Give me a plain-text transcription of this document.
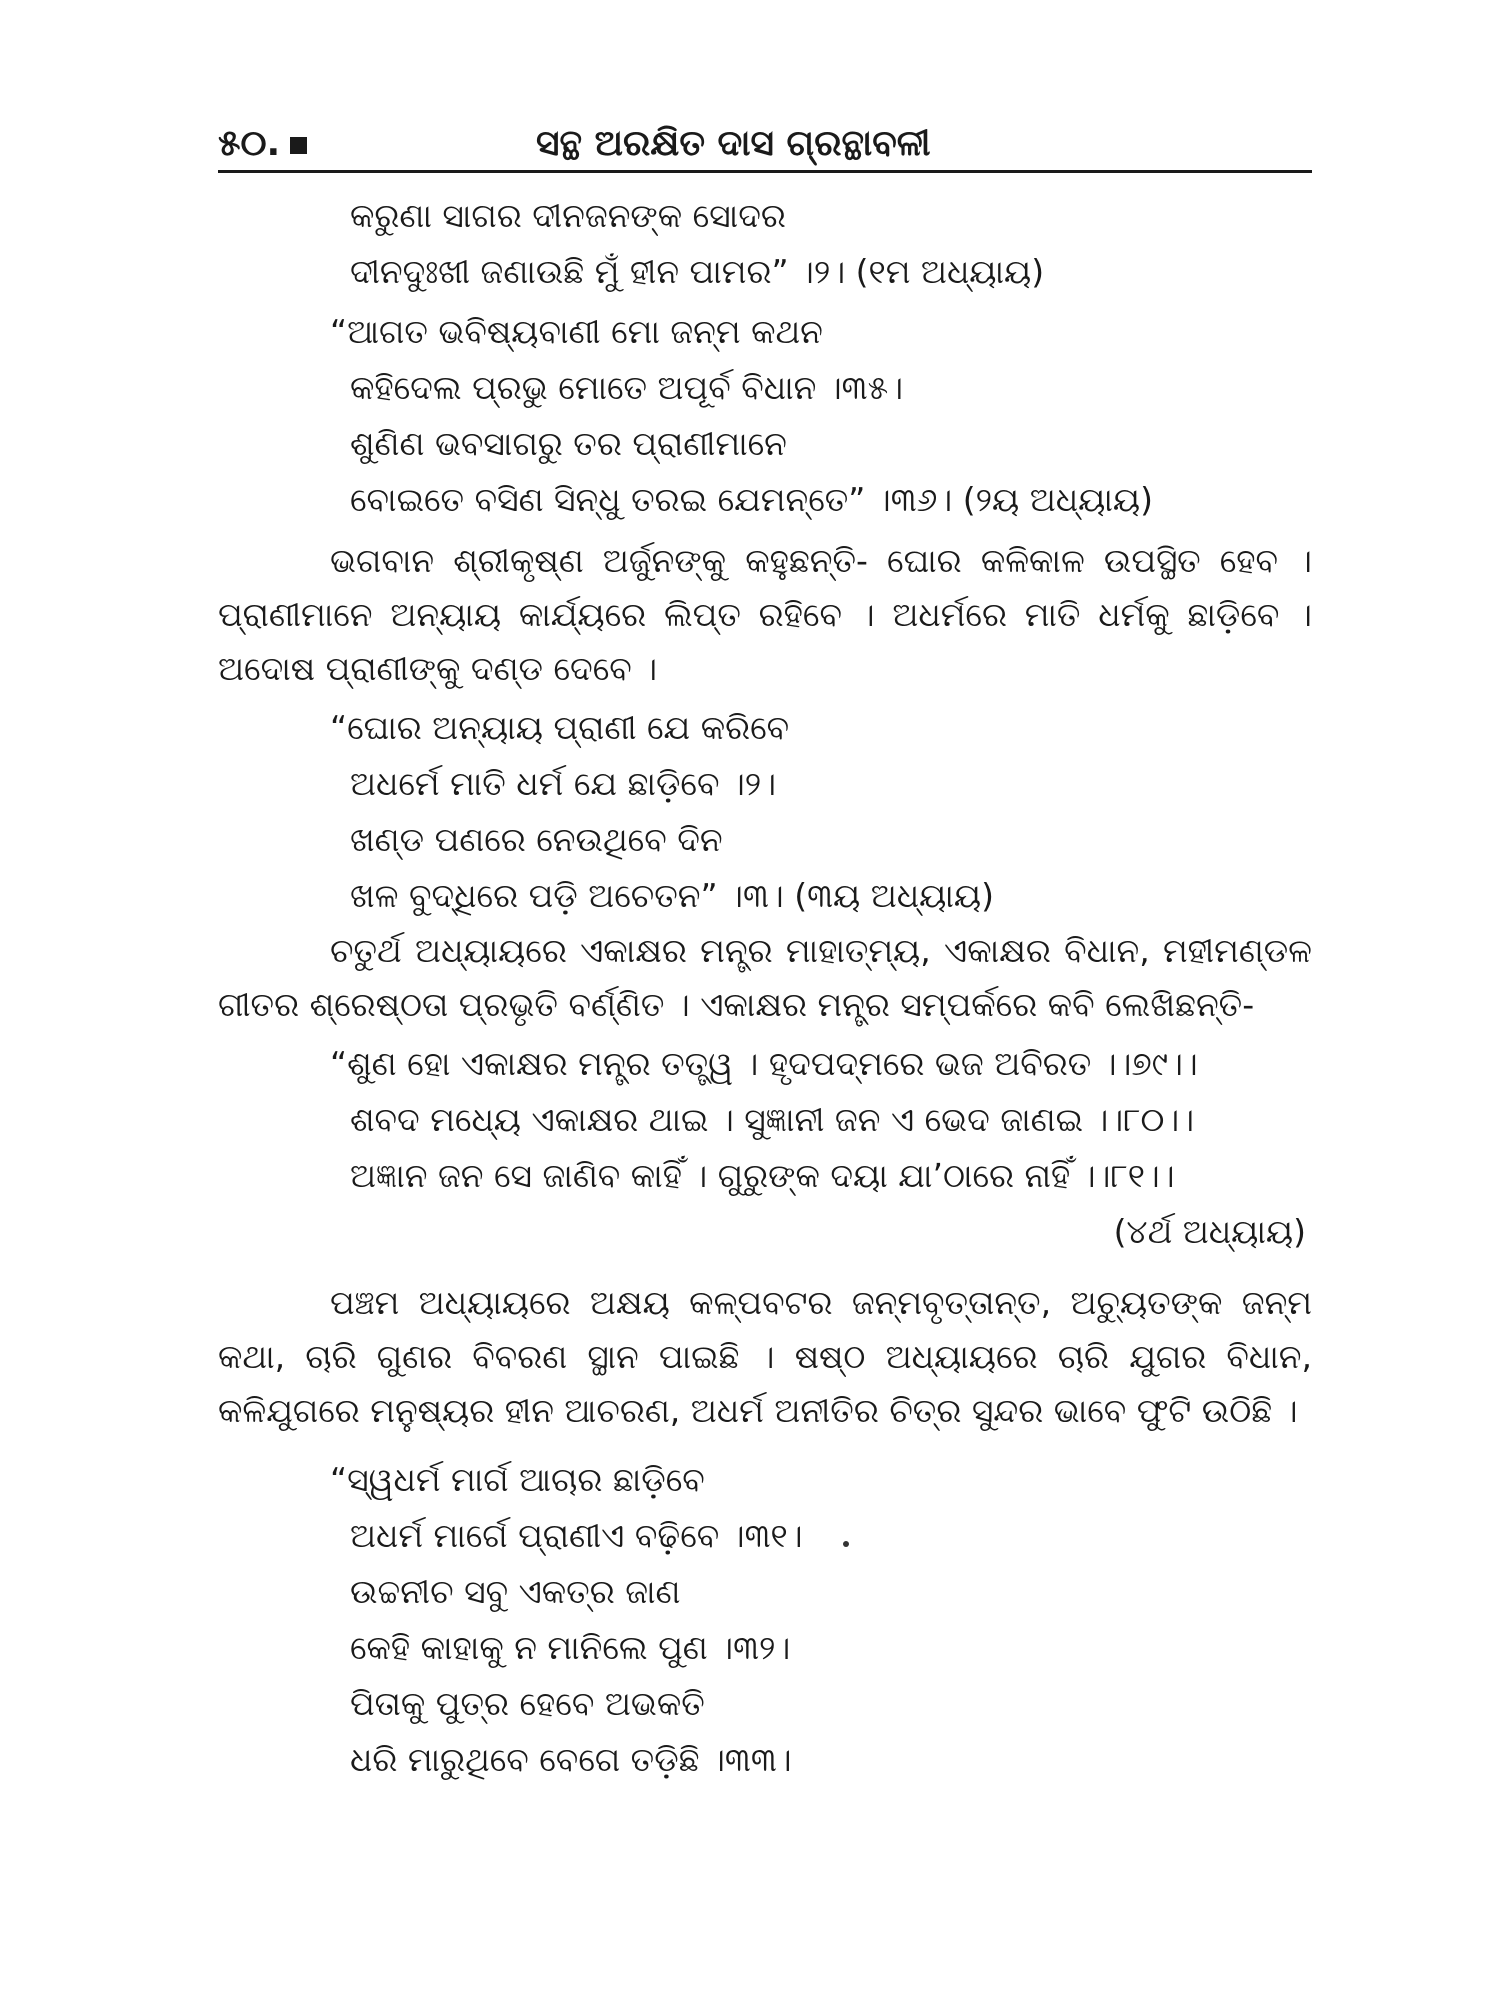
୫୦.	ସନ୍ଥ ଅରକ୍ଷିତ ଦାସ ଗ୍ରନ୍ଥାବଳୀ
କରୁଣା ସାଗର ଦୀନଜନଙ୍କ ସୋଦର
ଦୀନଦୁଃଖୀ ଜଣାଉଛି ମୁଁ ହୀନ ପାମର” ।୨। (୧ମ ଅଧ୍ୟାୟ)
“ଆଗତ ଭବିଷ୍ୟବାଣୀ ମୋ ଜନ୍ମ କଥନ
କହିଦେଲ ପ୍ରଭୁ ମୋତେ ଅପୂର୍ବ ବିଧାନ ।୩୫।
ଶୁଣିଣ ଭବସାଗରୁ ତର ପ୍ରାଣୀମାନେ
ବୋଇତେ ବସିଣ ସିନ୍ଧୁ ତରଇ ଯେମନ୍ତେ” ।୩୬। (୨ୟ ଅଧ୍ୟାୟ)

ଭଗବାନ ଶ୍ରୀକୃଷ୍ଣ ଅର୍ଜୁନଙ୍କୁ କହୁଛନ୍ତି- ଘୋର କଳିକାଳ ଉପସ୍ଥିତ ହେବ । ପ୍ରାଣୀମାନେ ଅନ୍ୟାୟ କାର୍ଯ୍ୟରେ ଲିପ୍ତ ରହିବେ । ଅଧର୍ମରେ ମାତି ଧର୍ମକୁ ଛାଡ଼ିବେ । ଅଦୋଷ ପ୍ରାଣୀଙ୍କୁ ଦଣ୍ଡ ଦେବେ ।

“ଘୋର ଅନ୍ୟାୟ ପ୍ରାଣୀ ଯେ କରିବେ
ଅଧର୍ମେ ମାତି ଧର୍ମ ଯେ ଛାଡ଼ିବେ ।୨।
ଖଣ୍ଡ ପଣରେ ନେଉଥିବେ ଦିନ
ଖଳ ବୁଦ୍ଧିରେ ପଡ଼ି ଅଚେତନ” ।୩। (୩ୟ ଅଧ୍ୟାୟ)

ଚତୁର୍ଥ ଅଧ୍ୟାୟରେ ଏକାକ୍ଷର ମନ୍ତ୍ର ମାହାତ୍ମ୍ୟ, ଏକାକ୍ଷର ବିଧାନ, ମହୀମଣ୍ଡଳ ଗୀତର ଶ୍ରେଷ୍ଠତା ପ୍ରଭୃତି ବର୍ଣ୍ଣିତ । ଏକାକ୍ଷର ମନ୍ତ୍ର ସମ୍ପର୍କରେ କବି ଲେଖିଛନ୍ତି-

“ଶୁଣ ହୋ ଏକାକ୍ଷର ମନ୍ତ୍ର ତତ୍ତ୍ୱ । ହୃଦପଦ୍ମରେ ଭଜ ଅବିରତ ।।୭୯।।
ଶବଦ ମଧ୍ୟେ ଏକାକ୍ଷର ଥାଇ । ସୁଜ୍ଞାନୀ ଜନ ଏ ଭେଦ ଜାଣଇ ।।୮୦।।
ଅଜ୍ଞାନ ଜନ ସେ ଜାଣିବ କାହିଁ । ଗୁରୁଙ୍କ ଦୟା ଯା’ଠାରେ ନାହିଁ ।।୮୧।।
(୪ର୍ଥ ଅଧ୍ୟାୟ)

ପଞ୍ଚମ ଅଧ୍ୟାୟରେ ଅକ୍ଷୟ କଳ୍ପବଟର ଜନ୍ମବୃତ୍ତାନ୍ତ, ଅଚ୍ୟୁତଙ୍କ ଜନ୍ମ କଥା, ଚାରି ଗୁଣର ବିବରଣ ସ୍ଥାନ ପାଇଛି । ଷଷ୍ଠ ଅଧ୍ୟାୟରେ ଚାରି ଯୁଗର ବିଧାନ, କଳିଯୁଗରେ ମନୁଷ୍ୟର ହୀନ ଆଚରଣ, ଅଧର୍ମ ଅନୀତିର ଚିତ୍ର ସୁନ୍ଦର ଭାବେ ଫୁଟି ଉଠିଛି ।

“ସ୍ୱଧର୍ମ ମାର୍ଗ ଆଚାର ଛାଡ଼ିବେ
ଅଧର୍ମ ମାର୍ଗେ ପ୍ରାଣୀଏ ବଢ଼ିବେ ।୩୧।
ଉଚ୍ଚନୀଚ ସବୁ ଏକତ୍ର ଜାଣ
କେହି କାହାକୁ ନ ମାନିଲେ ପୁଣ ।୩୨।
ପିତାକୁ ପୁତ୍ର ହେବେ ଅଭକତି
ଧରି ମାରୁଥିବେ ବେଗେ ତଡ଼ିଛି ।୩୩।
